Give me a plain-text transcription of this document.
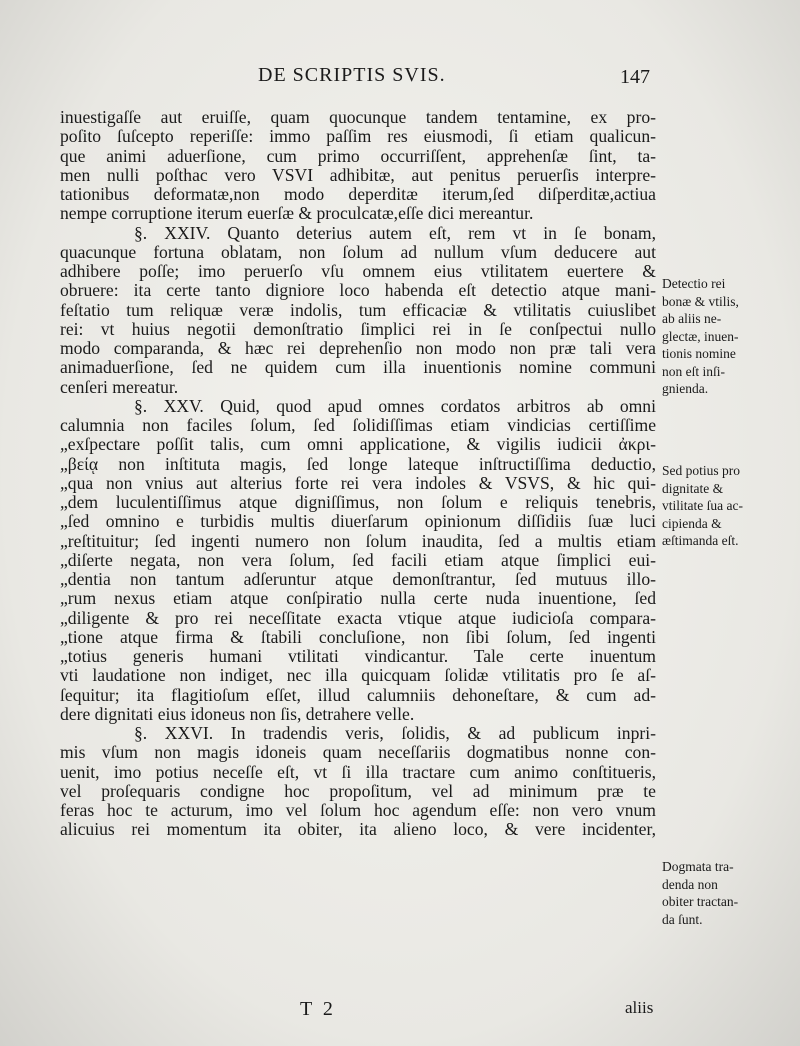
DE SCRIPTIS SVIS.	147
inuestigaſſe aut eruiſſe, quam quocunque tandem tentamine, ex pro-
poſito ſuſcepto reperiſſe: immo paſſim res eiusmodi, ſi etiam qualicun-
que animi aduerſione, cum primo occurriſſent, apprehenſæ ſint, ta-
men nulli poſthac vero VSVI adhibitæ, aut penitus peruerſis interpre-
tationibus deformatæ,non modo deperditæ iterum,ſed diſperditæ,actiua
nempe corruptione iterum euerſæ & proculcatæ,eſſe dici mereantur.
§. XXIV. Quanto deterius autem eſt, rem vt in ſe bonam,
quacunque fortuna oblatam, non ſolum ad nullum vſum deducere aut
adhibere poſſe; imo peruerſo vſu omnem eius vtilitatem euertere &
obruere: ita certe tanto digniore loco habenda eſt detectio atque mani-
feſtatio tum reliquæ veræ indolis, tum efficaciæ & vtilitatis cuiuslibet
rei: vt huius negotii demonſtratio ſimplici rei in ſe conſpectui nullo
modo comparanda, & hæc rei deprehenſio non modo non præ tali vera
animaduerſione, ſed ne quidem cum illa inuentionis nomine communi
cenſeri mereatur.
§. XXV. Quid, quod apud omnes cordatos arbitros ab omni
calumnia non faciles ſolum, ſed ſolidiſſimas etiam vindicias certiſſime
„exſpectare poſſit talis, cum omni applicatione, & vigilis iudicii ἀκρι-
„βείᾳ non inſtituta magis, ſed longe lateque inſtructiſſima deductio,
„qua non vnius aut alterius forte rei vera indoles & VSVS, & hic qui-
„dem luculentiſſimus atque digniſſimus, non ſolum e reliquis tenebris,
„ſed omnino e turbidis multis diuerſarum opinionum diſſidiis ſuæ luci
„reſtituitur; ſed ingenti numero non ſolum inaudita, ſed a multis etiam
„diſerte negata, non vera ſolum, ſed facili etiam atque ſimplici eui-
„dentia non tantum adſeruntur atque demonſtrantur, ſed mutuus illo-
„rum nexus etiam atque conſpiratio nulla certe nuda inuentione, ſed
„diligente & pro rei neceſſitate exacta vtique atque iudicioſa compara-
„tione atque firma & ſtabili concluſione, non ſibi ſolum, ſed ingenti
„totius generis humani vtilitati vindicantur. Tale certe inuentum
vti laudatione non indiget, nec illa quicquam ſolidæ vtilitatis pro ſe aſ-
ſequitur; ita flagitioſum eſſet, illud calumniis dehoneſtare, & cum ad-
dere dignitati eius idoneus non ſis, detrahere velle.
§. XXVI. In tradendis veris, ſolidis, & ad publicum inpri-
mis vſum non magis idoneis quam neceſſariis dogmatibus nonne con-
uenit, imo potius neceſſe eſt, vt ſi illa tractare cum animo conſtitueris,
vel proſequaris condigne hoc propoſitum, vel ad minimum præ te
feras hoc te acturum, imo vel ſolum hoc agendum eſſe: non vero vnum
alicuius rei momentum ita obiter, ita alieno loco, & vere incidenter,
Detectio rei
bonæ & vtilis,
ab aliis ne-
glectæ, inuen-
tionis nomine
non eſt inſi-
gnienda.
Sed potius pro
dignitate &
vtilitate ſua ac-
cipienda &
æſtimanda eſt.
Dogmata tra-
denda non
obiter tractan-
da ſunt.
T 2	aliis
